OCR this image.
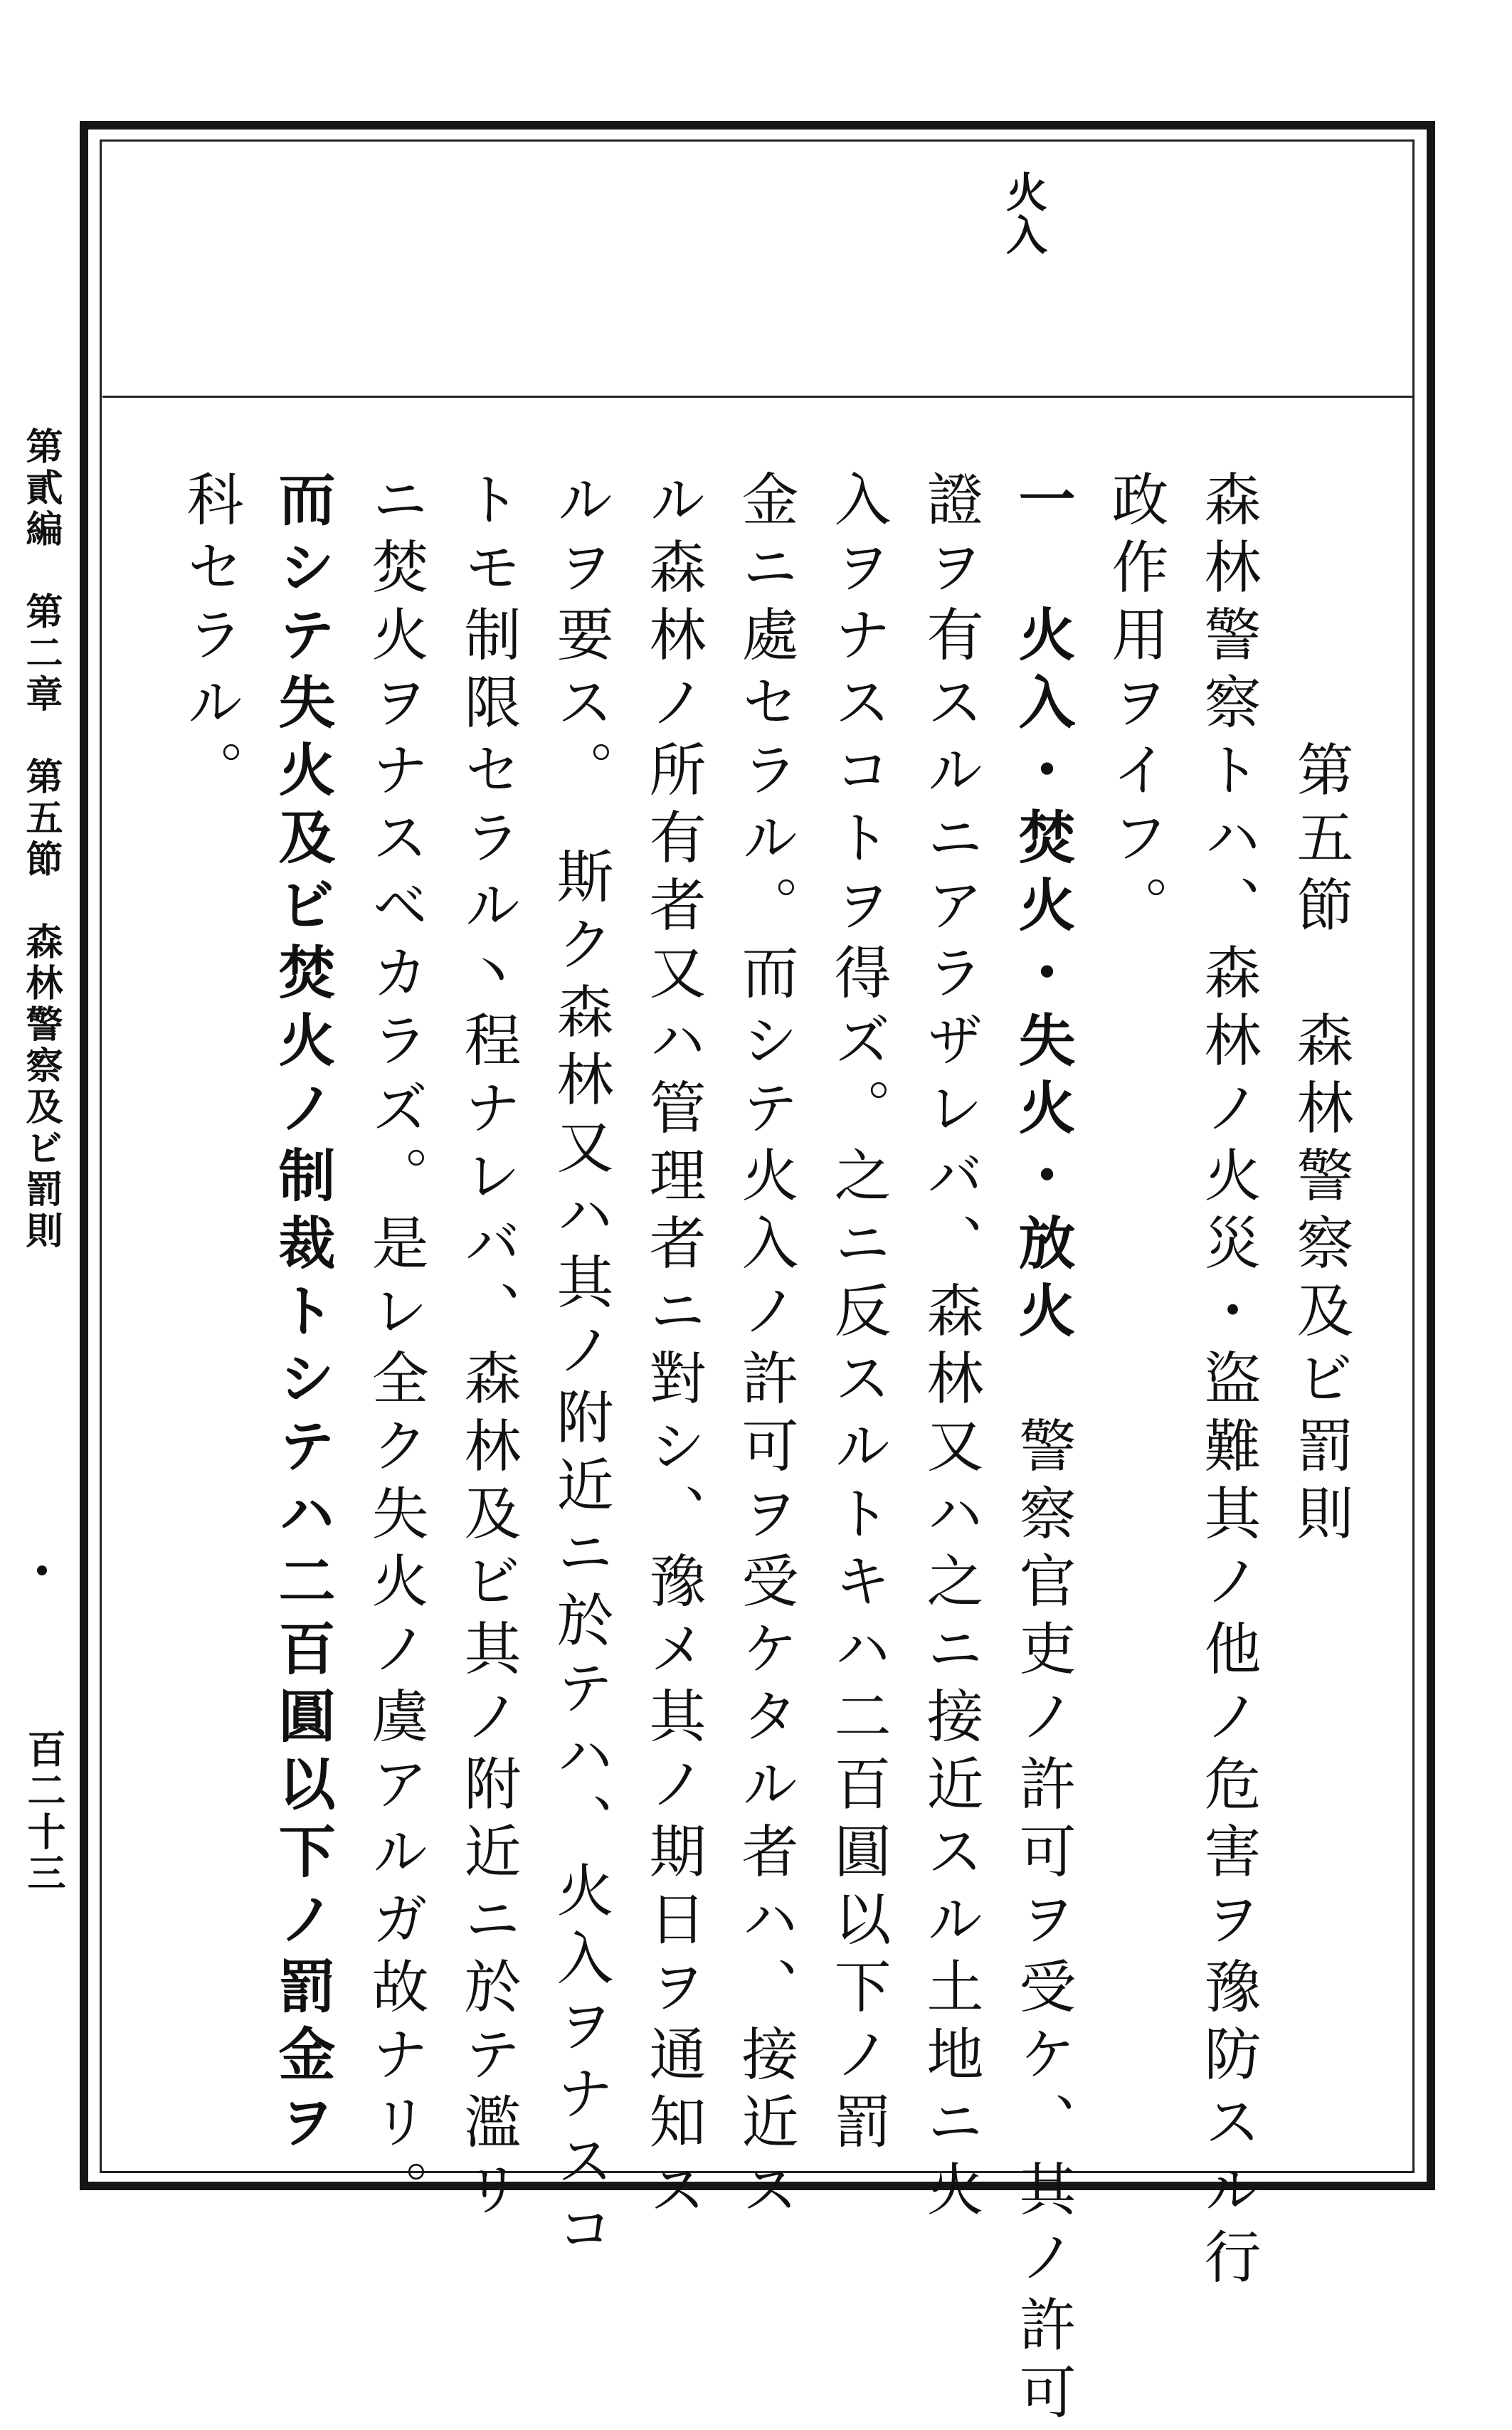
火入
第五節　森林警察及ビ罰則
森林警察トハ、森林ノ火災・盜難其ノ他ノ危害ヲ豫防スル行
政作用ヲイフ。
一　火入・焚火・失火・放火　警察官吏ノ許可ヲ受ケ、其ノ許可
證ヲ有スルニアラザレバ、森林又ハ之ニ接近スル土地ニ火
入ヲナスコトヲ得ズ。之ニ反スルトキハ二百圓以下ノ罰
金ニ處セラル。而シテ火入ノ許可ヲ受ケタル者ハ、接近ス
ル森林ノ所有者又ハ管理者ニ對シ、豫メ其ノ期日ヲ通知ス
ルヲ要ス。　斯ク森林又ハ其ノ附近ニ於テハ、火入ヲナスコ
トモ制限セラル丶程ナレバ、森林及ビ其ノ附近ニ於テ濫リ
ニ焚火ヲナスベカラズ。是レ全ク失火ノ虞アルガ故ナリ。
而シテ失火及ビ焚火ノ制裁トシテハ二百圓以下ノ罰金ヲ
科セラル。
第貳編　第二章　第五節　森林警察及ビ罰則
百二十三
